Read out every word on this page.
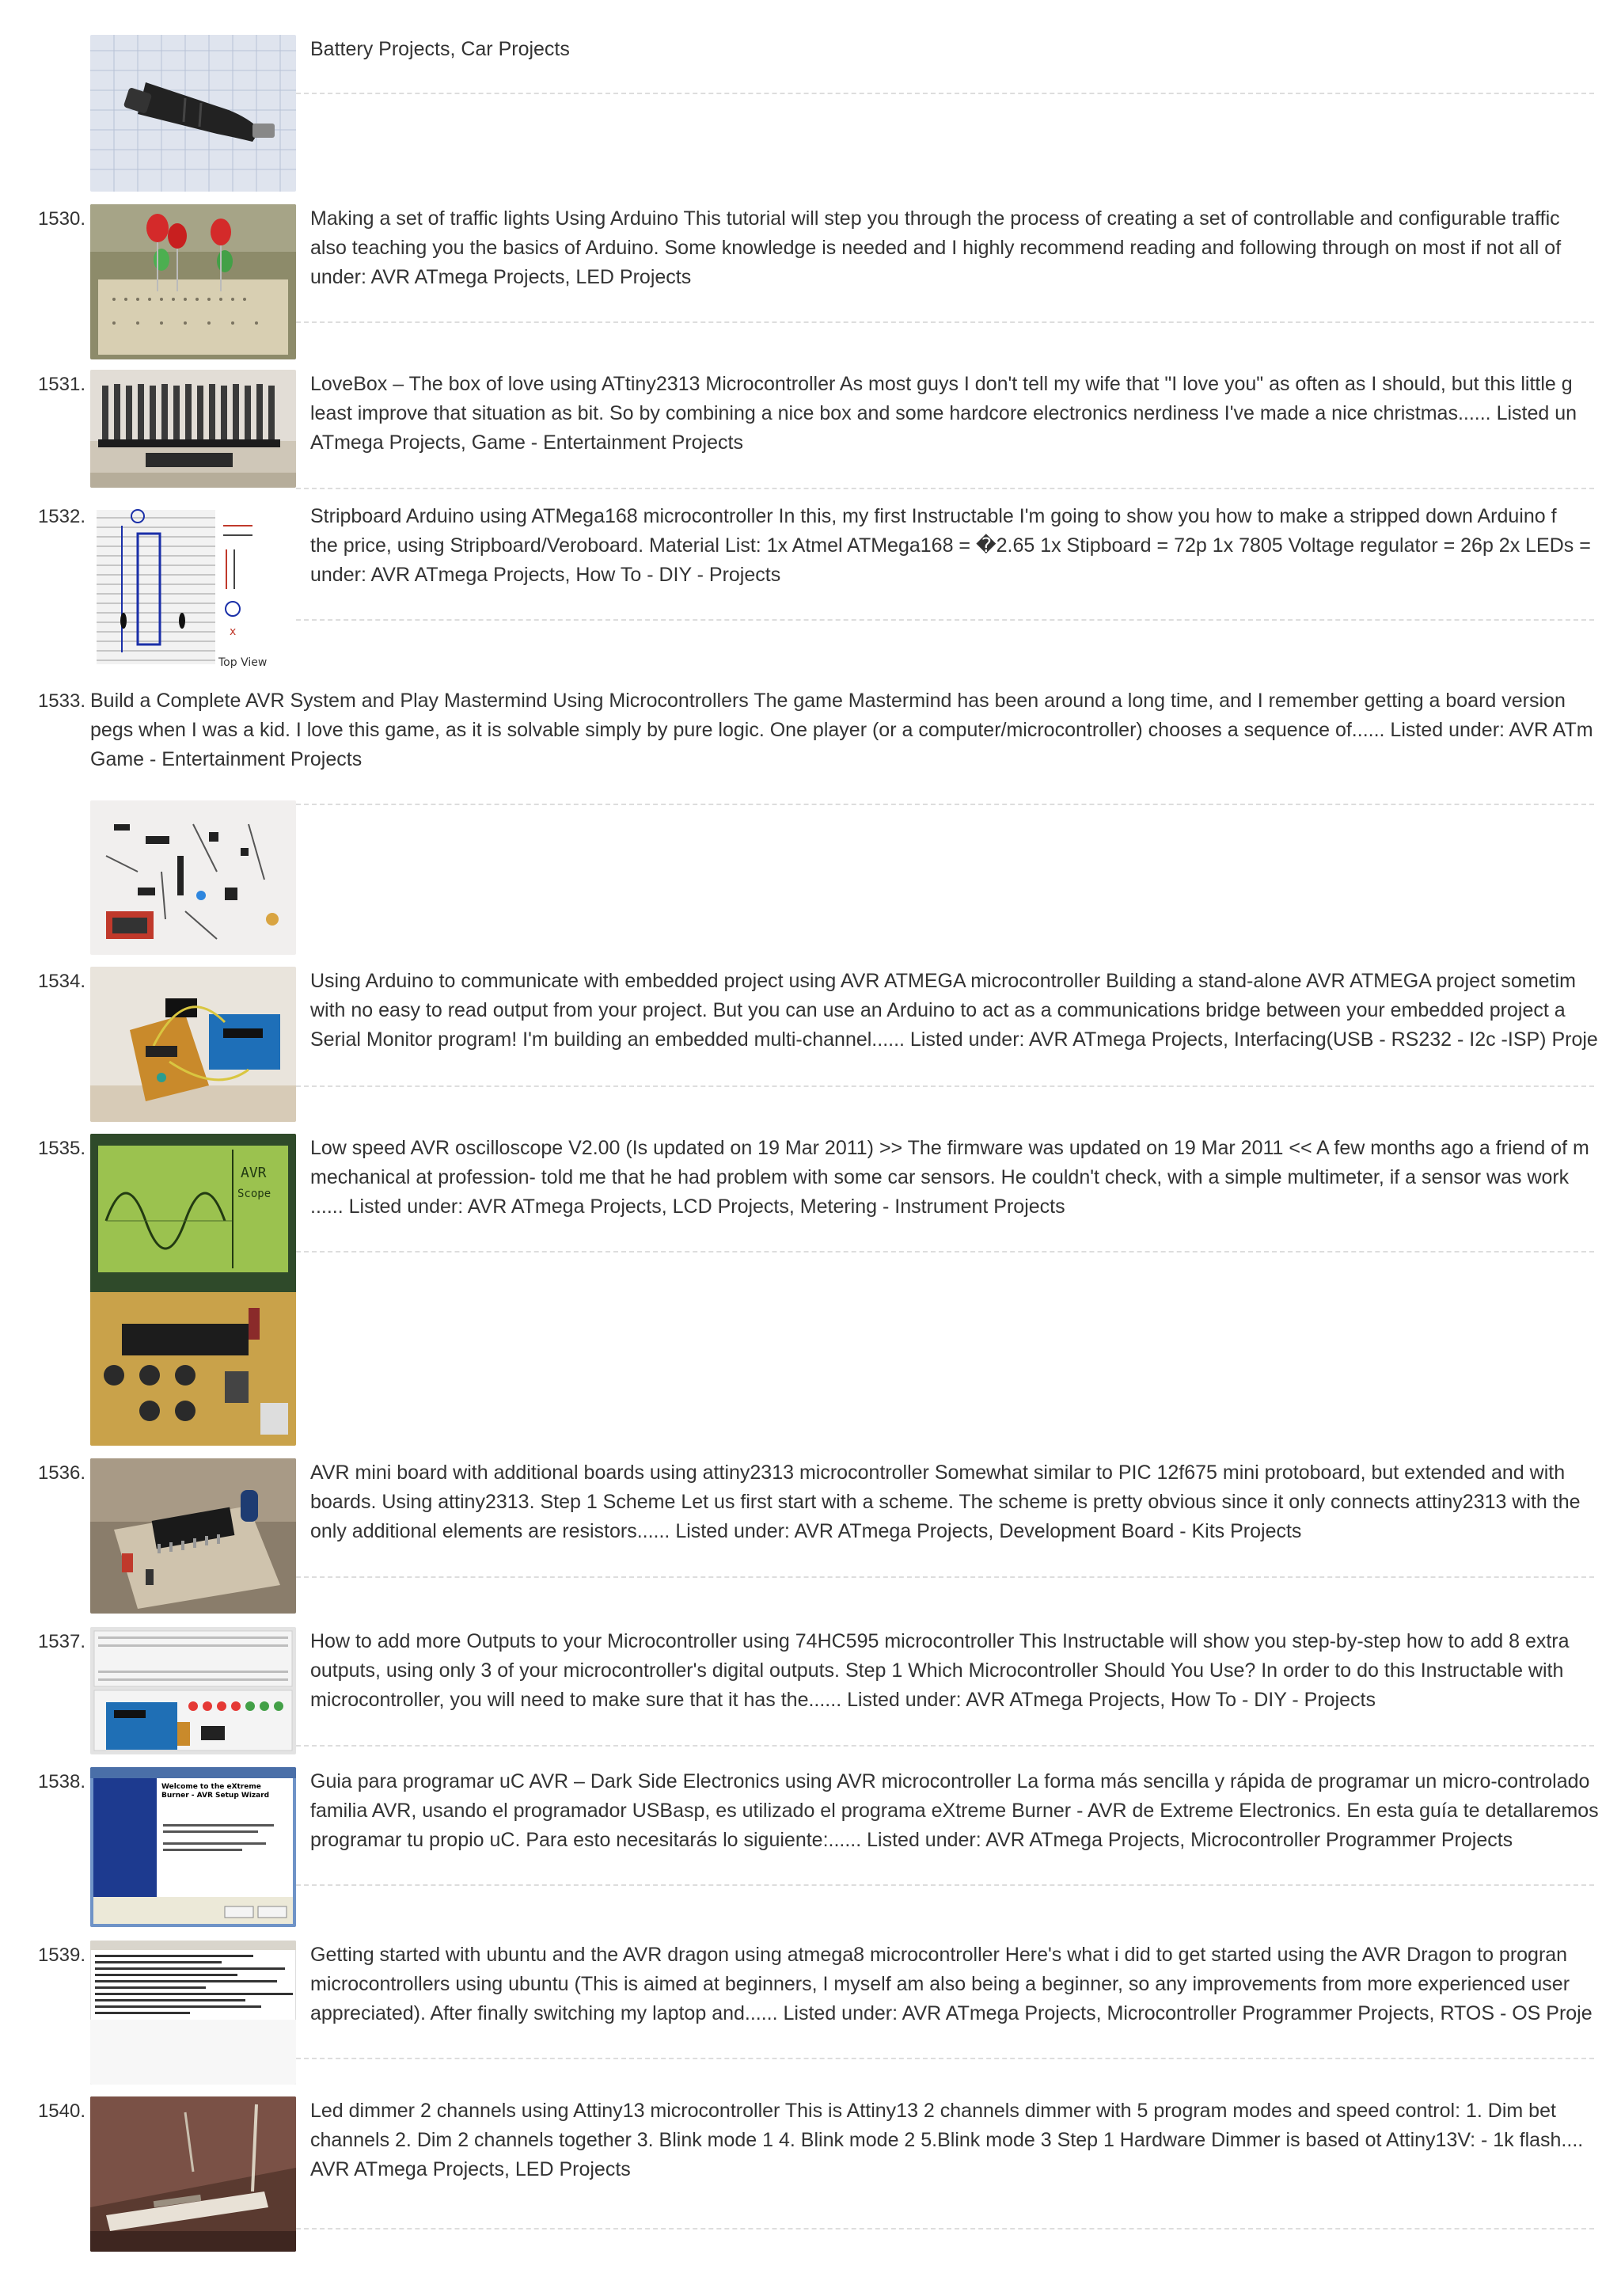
Battery Projects, Car Projects
1530.	Making a set of traffic lights Using Arduino This tutorial will step you through the process of creating a set of controllable and configurable traffic
also teaching you the basics of Arduino. Some knowledge is needed and I highly recommend reading and following through on most if not all of
under: AVR ATmega Projects, LED Projects
1531.	LoveBox – The box of love using ATtiny2313 Microcontroller As most guys I don't tell my wife that "I love you" as often as I should, but this little g
least improve that situation as bit. So by combining a nice box and some hardcore electronics nerdiness I've made a nice christmas...... Listed un
ATmega Projects, Game - Entertainment Projects
1532.
x
Top View
Stripboard Arduino using ATMega168 microcontroller In this, my first Instructable I'm going to show you how to make a stripped down Arduino f
the price, using Stripboard/Veroboard. Material List: 1x Atmel ATMega168 = �2.65 1x Stipboard = 72p 1x 7805 Voltage regulator = 26p 2x LEDs =
under: AVR ATmega Projects, How To - DIY - Projects
1533. Build a Complete AVR System and Play Mastermind Using Microcontrollers The game Mastermind has been around a long time, and I remember getting a board version
pegs when I was a kid. I love this game, as it is solvable simply by pure logic. One player (or a computer/microcontroller) chooses a sequence of...... Listed under: AVR ATm
Game - Entertainment Projects
1534.	Using Arduino to communicate with embedded project using AVR ATMEGA microcontroller Building a stand-alone AVR ATMEGA project sometim
with no easy to read output from your project. But you can use an Arduino to act as a communications bridge between your embedded project a
Serial Monitor program! I'm building an embedded multi-channel...... Listed under: AVR ATmega Projects, Interfacing(USB - RS232 - I2c -ISP) Proje
1535.
AVR
Scope
Low speed AVR oscilloscope V2.00 (Is updated on 19 Mar 2011) >> The firmware was updated on 19 Mar 2011 << A few months ago a friend of m
mechanical at profession- told me that he had problem with some car sensors. He couldn't check, with a simple multimeter, if a sensor was work
...... Listed under: AVR ATmega Projects, LCD Projects, Metering - Instrument Projects
1536.	AVR mini board with additional boards using attiny2313 microcontroller Somewhat similar to PIC 12f675 mini protoboard, but extended and with
boards. Using attiny2313. Step 1 Scheme Let us first start with a scheme. The scheme is pretty obvious since it only connects attiny2313 with the
only additional elements are resistors...... Listed under: AVR ATmega Projects, Development Board - Kits Projects
1537.	How to add more Outputs to your Microcontroller using 74HC595 microcontroller This Instructable will show you step-by-step how to add 8 extra
outputs, using only 3 of your microcontroller's digital outputs. Step 1 Which Microcontroller Should You Use? In order to do this Instructable with
microcontroller, you will need to make sure that it has the...... Listed under: AVR ATmega Projects, How To - DIY - Projects
1538.	Welcome to the eXtreme Burner - AVR Setup Wizard
Guia para programar uC AVR – Dark Side Electronics using AVR microcontroller La forma más sencilla y rápida de programar un micro-controlado
familia AVR, usando el programador USBasp, es utilizado el programa eXtreme Burner - AVR de Extreme Electronics. En esta guía te detallaremos
programar tu propio uC. Para esto necesitarás lo siguiente:...... Listed under: AVR ATmega Projects, Microcontroller Programmer Projects
1539.	Getting started with ubuntu and the AVR dragon using atmega8 microcontroller Here's what i did to get started using the AVR Dragon to progran
microcontrollers using ubuntu (This is aimed at beginners, I myself am also being a beginner, so any improvements from more experienced user
appreciated). After finally switching my laptop and...... Listed under: AVR ATmega Projects, Microcontroller Programmer Projects, RTOS - OS Proje
1540.	Led dimmer 2 channels using Attiny13 microcontroller This is Attiny13 2 channels dimmer with 5 program modes and speed control: 1. Dim bet
channels 2. Dim 2 channels together 3. Blink mode 1 4. Blink mode 2 5.Blink mode 3 Step 1 Hardware Dimmer is based ot Attiny13V: - 1k flash....
AVR ATmega Projects, LED Projects
